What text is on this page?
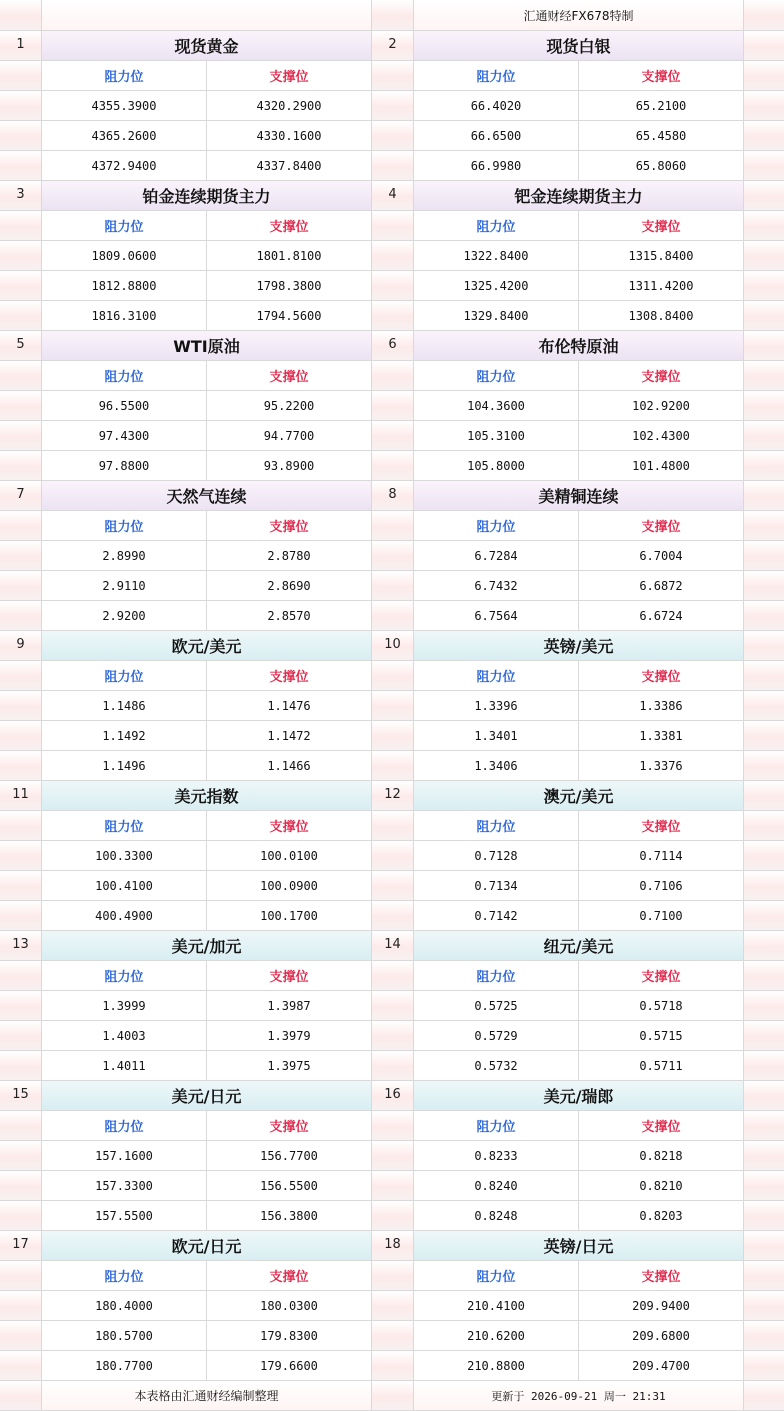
汇通财经FX678特制
1	现货黄金	2	现货白银
阻力位	支撑位	阻力位	支撑位
4355.3900	4320.2900	66.4020	65.2100
4365.2600	4330.1600	66.6500	65.4580
4372.9400	4337.8400	66.9980	65.8060
3	铂金连续期货主力	4	钯金连续期货主力
阻力位	支撑位	阻力位	支撑位
1809.0600	1801.8100	1322.8400	1315.8400
1812.8800	1798.3800	1325.4200	1311.4200
1816.3100	1794.5600	1329.8400	1308.8400
5	WTI原油	6	布伦特原油
阻力位	支撑位	阻力位	支撑位
96.5500	95.2200	104.3600	102.9200
97.4300	94.7700	105.3100	102.4300
97.8800	93.8900	105.8000	101.4800
7	天然气连续	8	美精铜连续
阻力位	支撑位	阻力位	支撑位
2.8990	2.8780	6.7284	6.7004
2.9110	2.8690	6.7432	6.6872
2.9200	2.8570	6.7564	6.6724
9	欧元/美元	10	英镑/美元
阻力位	支撑位	阻力位	支撑位
1.1486	1.1476	1.3396	1.3386
1.1492	1.1472	1.3401	1.3381
1.1496	1.1466	1.3406	1.3376
11	美元指数	12	澳元/美元
阻力位	支撑位	阻力位	支撑位
100.3300	100.0100	0.7128	0.7114
100.4100	100.0900	0.7134	0.7106
400.4900	100.1700	0.7142	0.7100
13	美元/加元	14	纽元/美元
阻力位	支撑位	阻力位	支撑位
1.3999	1.3987	0.5725	0.5718
1.4003	1.3979	0.5729	0.5715
1.4011	1.3975	0.5732	0.5711
15	美元/日元	16	美元/瑞郎
阻力位	支撑位	阻力位	支撑位
157.1600	156.7700	0.8233	0.8218
157.3300	156.5500	0.8240	0.8210
157.5500	156.3800	0.8248	0.8203
17	欧元/日元	18	英镑/日元
阻力位	支撑位	阻力位	支撑位
180.4000	180.0300	210.4100	209.9400
180.5700	179.8300	210.6200	209.6800
180.7700	179.6600	210.8800	209.4700
本表格由汇通财经编制整理	更新于 2026-09-21 周一 21:31
